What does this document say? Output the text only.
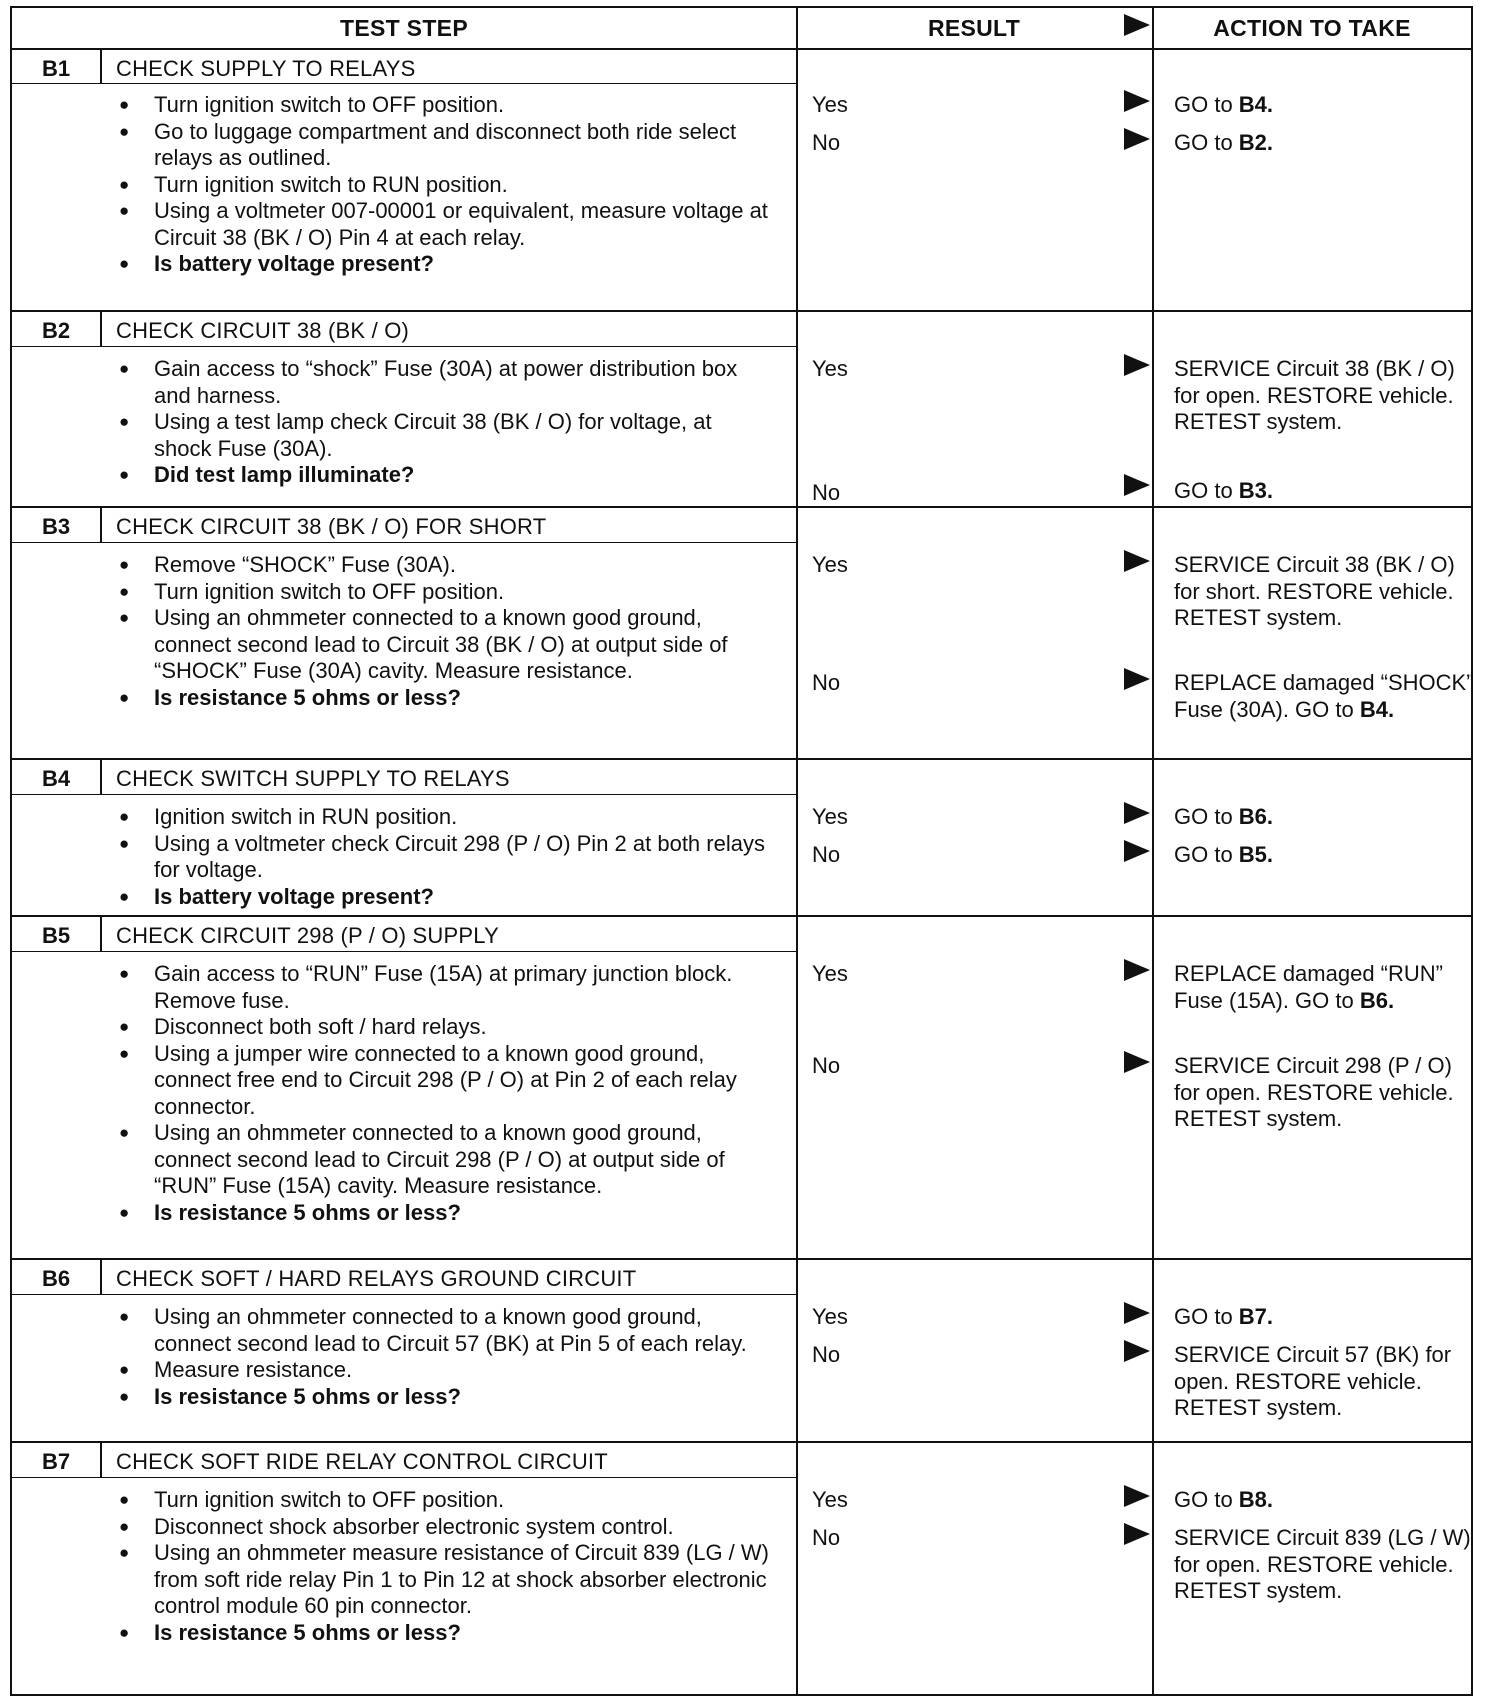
TEST STEP	RESULT	ACTION TO TAKE
B1 CHECK SUPPLY TO RELAYS
● Turn ignition switch to OFF position.
● Go to luggage compartment and disconnect both ride select relays as outlined.
● Turn ignition switch to RUN position.
● Using a voltmeter 007-00001 or equivalent, measure voltage at Circuit 38 (BK / O) Pin 4 at each relay.
● Is battery voltage present?
Yes	GO to B4.
No	GO to B2.
B2 CHECK CIRCUIT 38 (BK / O)
● Gain access to “shock” Fuse (30A) at power distribution box and harness.
● Using a test lamp check Circuit 38 (BK / O) for voltage, at shock Fuse (30A).
● Did test lamp illuminate?
Yes	SERVICE Circuit 38 (BK / O) for open. RESTORE vehicle. RETEST system.
No	GO to B3.
B3 CHECK CIRCUIT 38 (BK / O) FOR SHORT
● Remove “SHOCK” Fuse (30A).
● Turn ignition switch to OFF position.
● Using an ohmmeter connected to a known good ground, connect second lead to Circuit 38 (BK / O) at output side of “SHOCK” Fuse (30A) cavity. Measure resistance.
● Is resistance 5 ohms or less?
Yes	SERVICE Circuit 38 (BK / O) for short. RESTORE vehicle. RETEST system.
No	REPLACE damaged “SHOCK” Fuse (30A). GO to B4.
B4 CHECK SWITCH SUPPLY TO RELAYS
● Ignition switch in RUN position.
● Using a voltmeter check Circuit 298 (P / O) Pin 2 at both relays for voltage.
● Is battery voltage present?
Yes	GO to B6.
No	GO to B5.
B5 CHECK CIRCUIT 298 (P / O) SUPPLY
● Gain access to “RUN” Fuse (15A) at primary junction block. Remove fuse.
● Disconnect both soft / hard relays.
● Using a jumper wire connected to a known good ground, connect free end to Circuit 298 (P / O) at Pin 2 of each relay connector.
● Using an ohmmeter connected to a known good ground, connect second lead to Circuit 298 (P / O) at output side of “RUN” Fuse (15A) cavity. Measure resistance.
● Is resistance 5 ohms or less?
Yes	REPLACE damaged “RUN” Fuse (15A). GO to B6.
No	SERVICE Circuit 298 (P / O) for open. RESTORE vehicle. RETEST system.
B6 CHECK SOFT / HARD RELAYS GROUND CIRCUIT
● Using an ohmmeter connected to a known good ground, connect second lead to Circuit 57 (BK) at Pin 5 of each relay.
● Measure resistance.
● Is resistance 5 ohms or less?
Yes	GO to B7.
No	SERVICE Circuit 57 (BK) for open. RESTORE vehicle. RETEST system.
B7 CHECK SOFT RIDE RELAY CONTROL CIRCUIT
● Turn ignition switch to OFF position.
● Disconnect shock absorber electronic system control.
● Using an ohmmeter measure resistance of Circuit 839 (LG / W) from soft ride relay Pin 1 to Pin 12 at shock absorber electronic control module 60 pin connector.
● Is resistance 5 ohms or less?
Yes	GO to B8.
No	SERVICE Circuit 839 (LG / W) for open. RESTORE vehicle. RETEST system.
